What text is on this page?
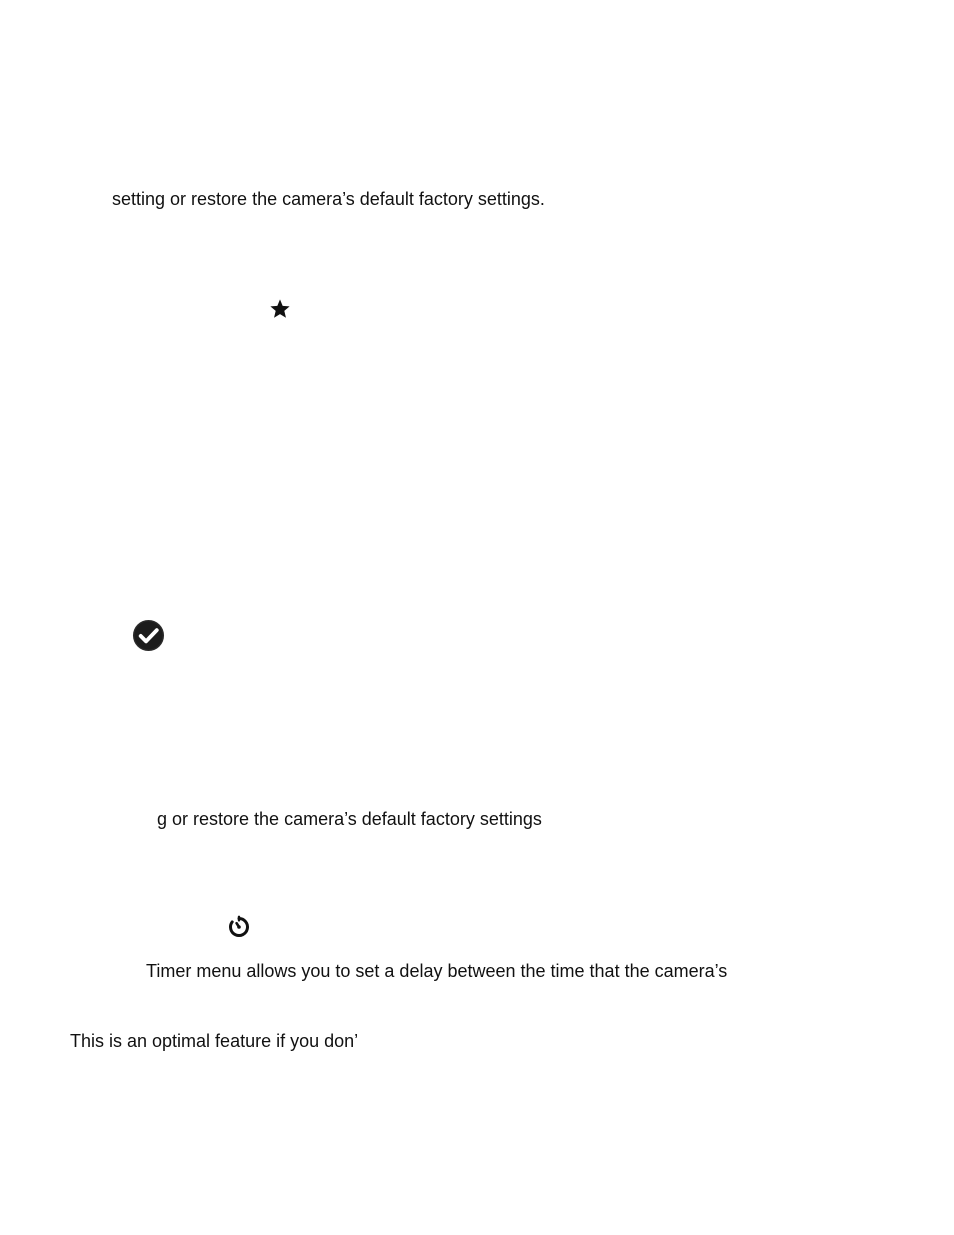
setting or restore the camera’s default factory settings.
g or restore the camera’s default factory settings
Timer menu allows you to set a delay between the time that the camera’s
This is an optimal feature if you don’
